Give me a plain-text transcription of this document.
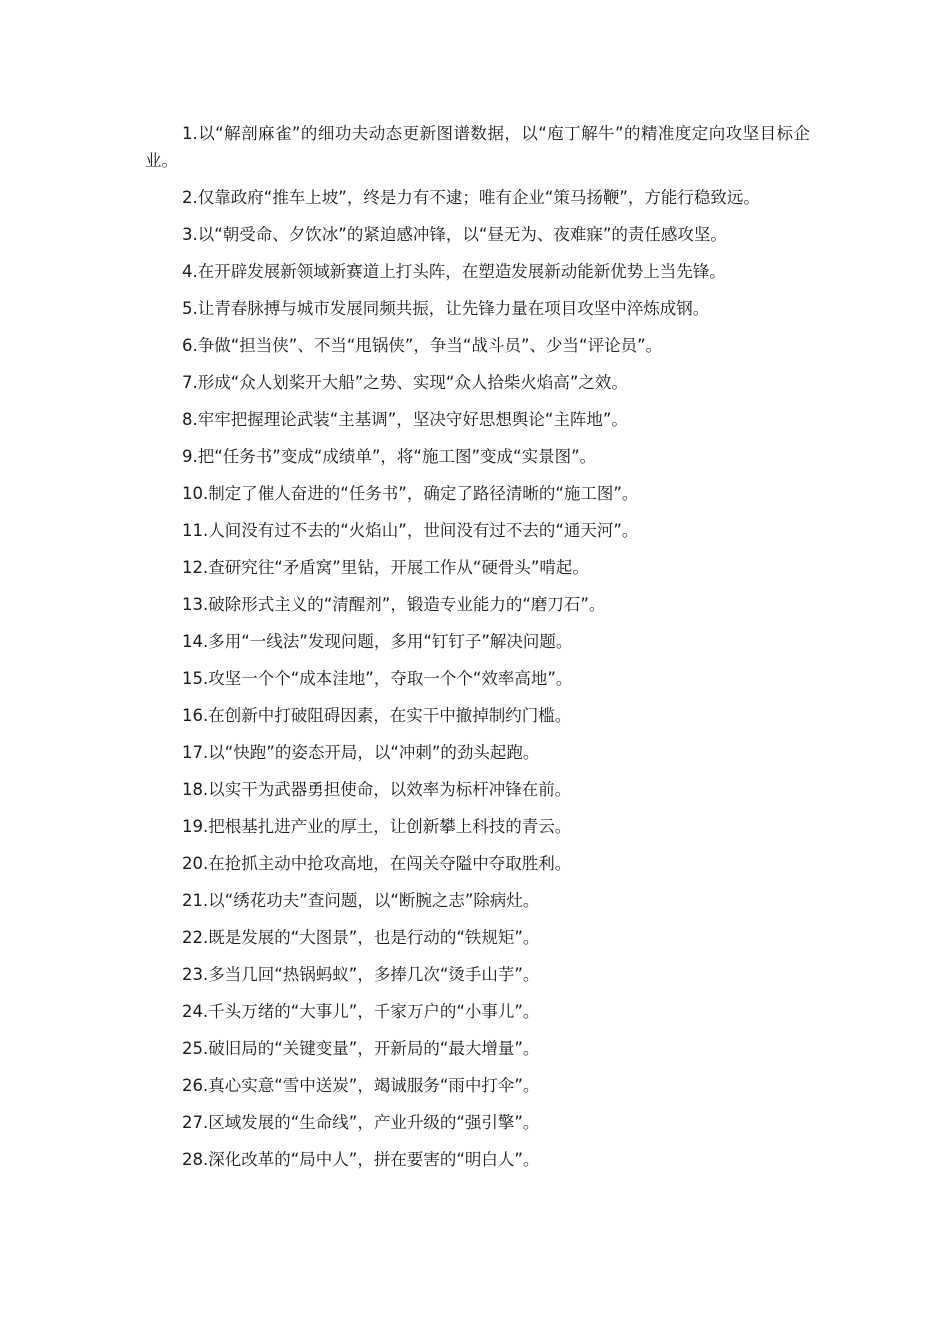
1.以“解剖麻雀”的细功夫动态更新图谱数据，以“庖丁解牛”的精准度定向攻坚目标企业。

2.仅靠政府“推车上坡”，终是力有不逮；唯有企业“策马扬鞭”，方能行稳致远。

3.以“朝受命、夕饮冰”的紧迫感冲锋，以“昼无为、夜难寐”的责任感攻坚。

4.在开辟发展新领域新赛道上打头阵，在塑造发展新动能新优势上当先锋。

5.让青春脉搏与城市发展同频共振，让先锋力量在项目攻坚中淬炼成钢。

6.争做“担当侠”、不当“甩锅侠”，争当“战斗员”、少当“评论员”。

7.形成“众人划桨开大船”之势、实现“众人拾柴火焰高”之效。

8.牢牢把握理论武装“主基调”，坚决守好思想舆论“主阵地”。

9.把“任务书”变成“成绩单”，将“施工图”变成“实景图”。

10.制定了催人奋进的“任务书”，确定了路径清晰的“施工图”。

11.人间没有过不去的“火焰山”，世间没有过不去的“通天河”。

12.查研究往“矛盾窝”里钻，开展工作从“硬骨头”啃起。

13.破除形式主义的“清醒剂”，锻造专业能力的“磨刀石”。

14.多用“一线法”发现问题，多用“钉钉子”解决问题。

15.攻坚一个个“成本洼地”，夺取一个个“效率高地”。

16.在创新中打破阻碍因素，在实干中撤掉制约门槛。

17.以“快跑”的姿态开局，以“冲刺”的劲头起跑。

18.以实干为武器勇担使命，以效率为标杆冲锋在前。

19.把根基扎进产业的厚土，让创新攀上科技的青云。

20.在抢抓主动中抢攻高地，在闯关夺隘中夺取胜利。

21.以“绣花功夫”查问题，以“断腕之志”除病灶。

22.既是发展的“大图景”，也是行动的“铁规矩”。

23.多当几回“热锅蚂蚁”，多捧几次“烫手山芋”。

24.千头万绪的“大事儿”，千家万户的“小事儿”。

25.破旧局的“关键变量”，开新局的“最大增量”。

26.真心实意“雪中送炭”，竭诚服务“雨中打伞”。

27.区域发展的“生命线”，产业升级的“强引擎”。

28.深化改革的“局中人”，拼在要害的“明白人”。
